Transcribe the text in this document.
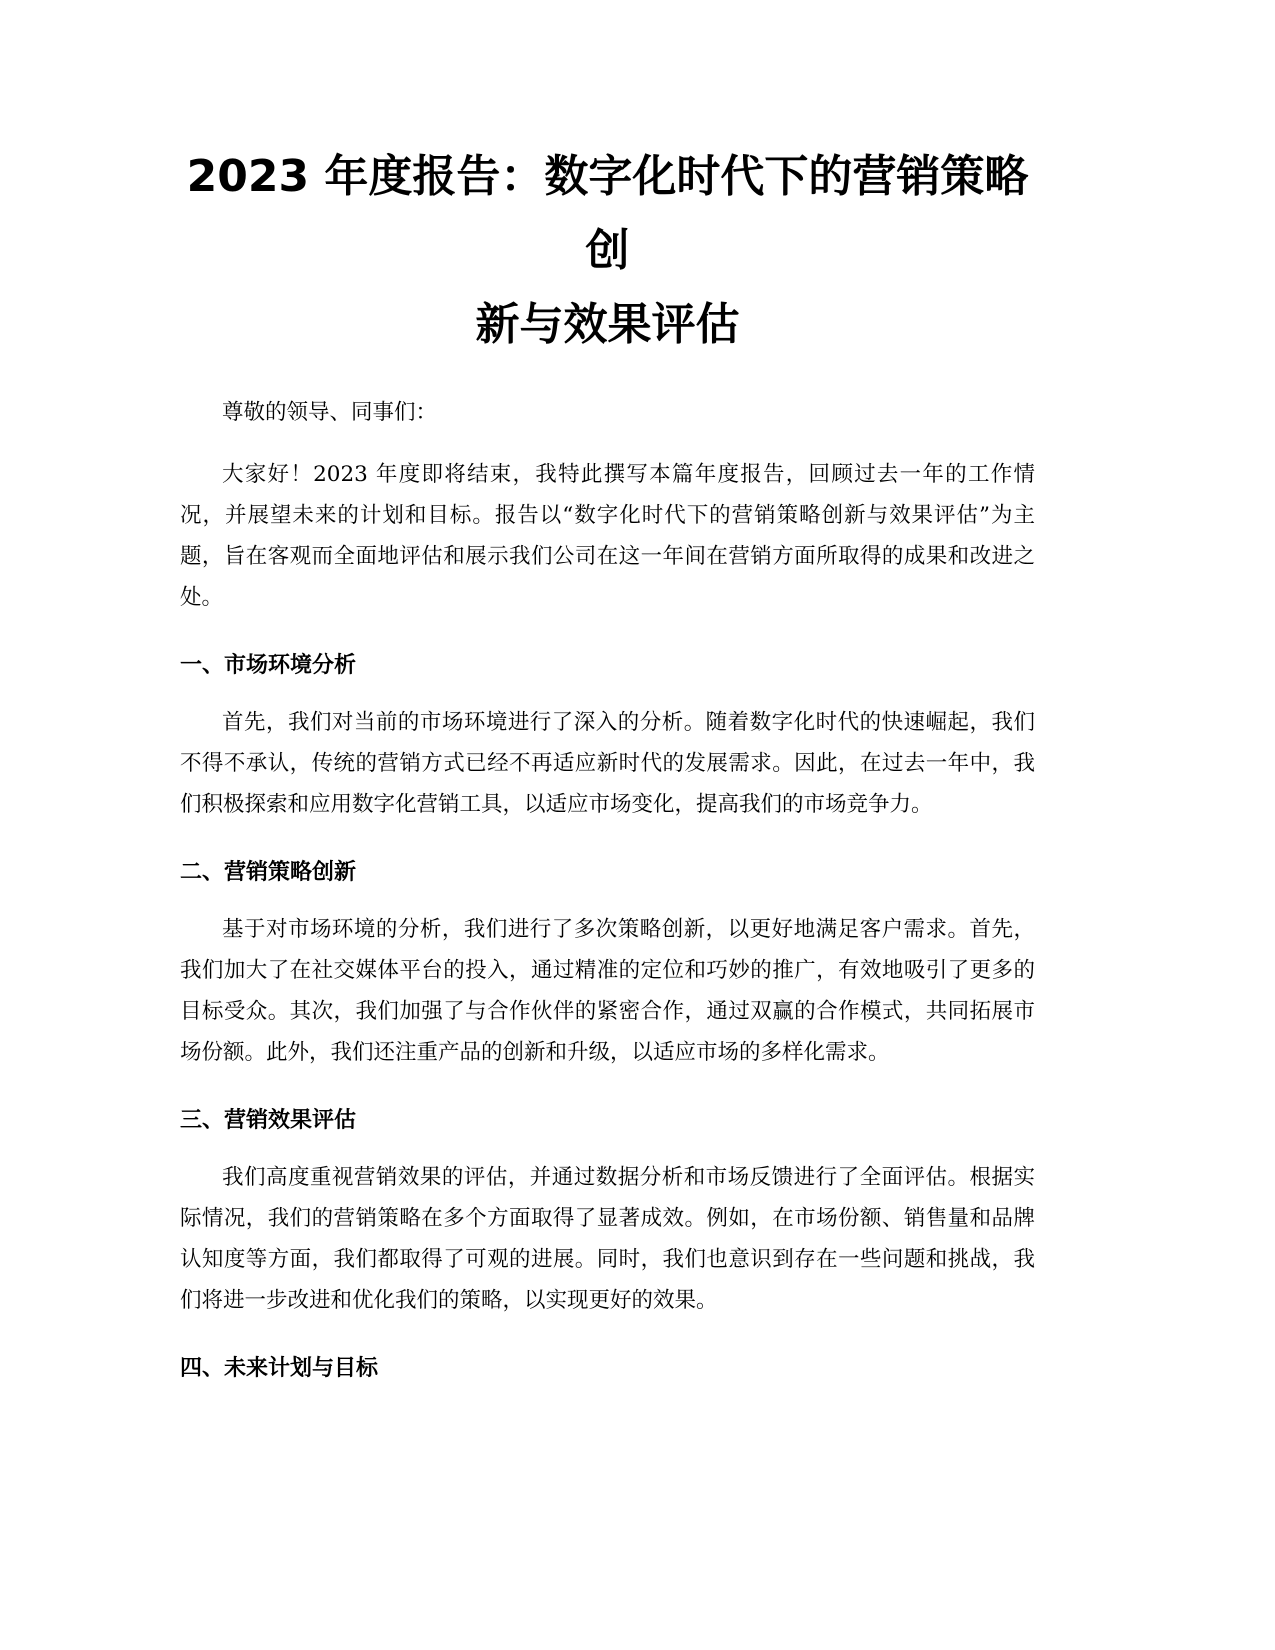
2023 年度报告：数字化时代下的营销策略创
新与效果评估

尊敬的领导、同事们：

大家好！2023 年度即将结束，我特此撰写本篇年度报告，回顾过去一年的工作情况，并展望未来的计划和目标。报告以“数字化时代下的营销策略创新与效果评估”为主题，旨在客观而全面地评估和展示我们公司在这一年间在营销方面所取得的成果和改进之处。

一、市场环境分析

首先，我们对当前的市场环境进行了深入的分析。随着数字化时代的快速崛起，我们不得不承认，传统的营销方式已经不再适应新时代的发展需求。因此，在过去一年中，我们积极探索和应用数字化营销工具，以适应市场变化，提高我们的市场竞争力。

二、营销策略创新

基于对市场环境的分析，我们进行了多次策略创新，以更好地满足客户需求。首先，我们加大了在社交媒体平台的投入，通过精准的定位和巧妙的推广，有效地吸引了更多的目标受众。其次，我们加强了与合作伙伴的紧密合作，通过双赢的合作模式，共同拓展市场份额。此外，我们还注重产品的创新和升级，以适应市场的多样化需求。

三、营销效果评估

我们高度重视营销效果的评估，并通过数据分析和市场反馈进行了全面评估。根据实际情况，我们的营销策略在多个方面取得了显著成效。例如，在市场份额、销售量和品牌认知度等方面，我们都取得了可观的进展。同时，我们也意识到存在一些问题和挑战，我们将进一步改进和优化我们的策略，以实现更好的效果。

四、未来计划与目标
